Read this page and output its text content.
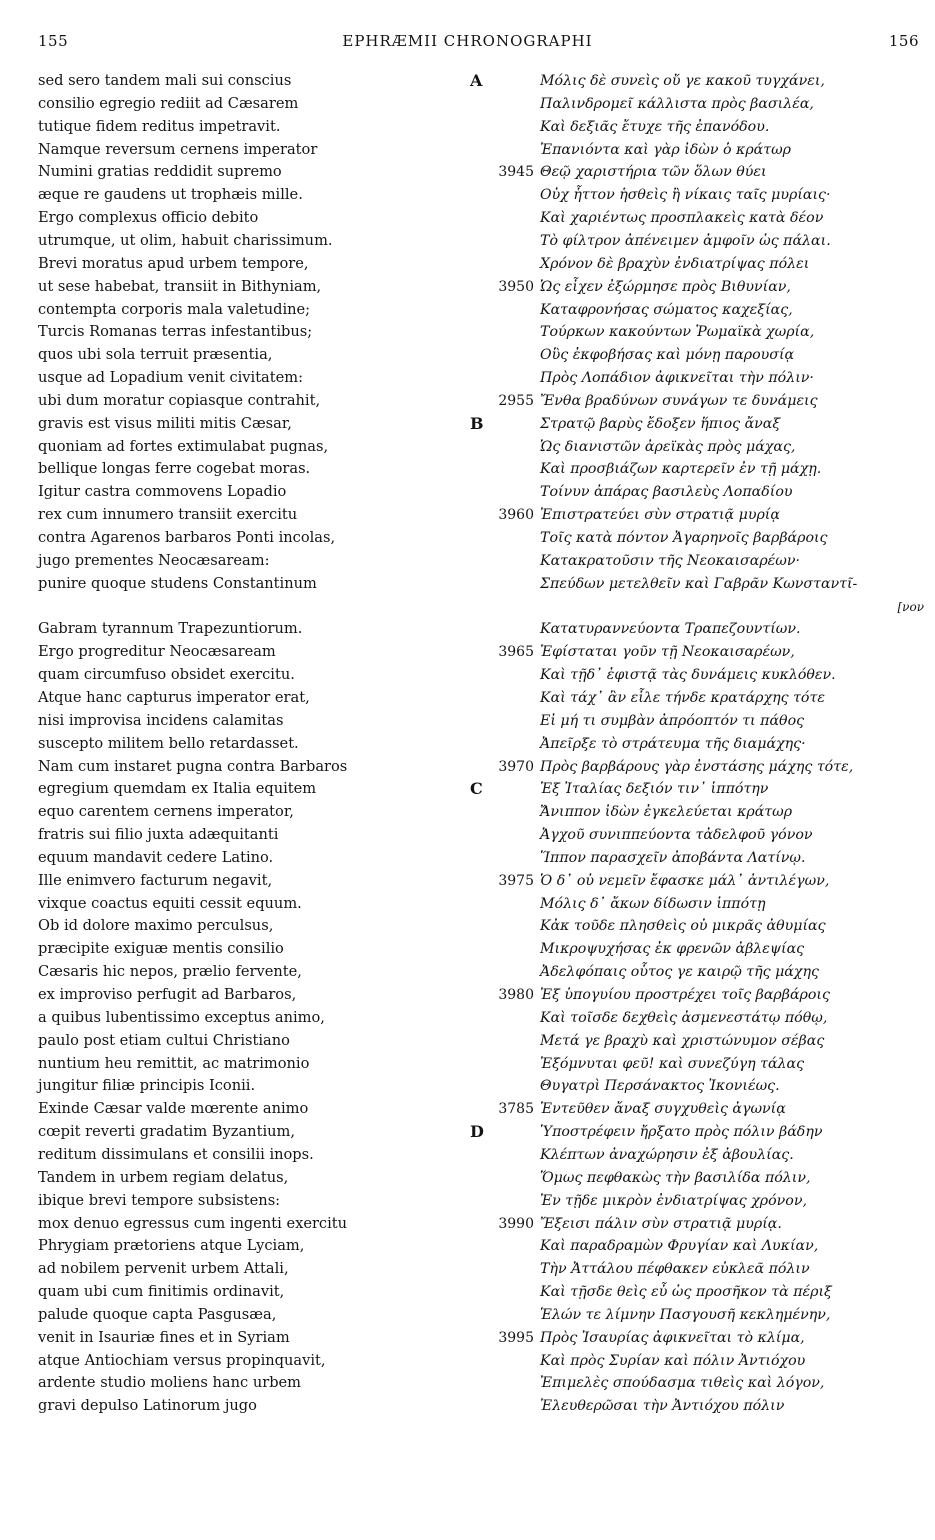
155	EPHRÆMII CHRONOGRAPHI	156
sed sero tandem mali sui conscius
consilio egregio rediit ad Cæsarem
tutique fidem reditus impetravit.
Namque reversum cernens imperator
Numini gratias reddidit supremo
æque re gaudens ut trophæis mille.
Ergo complexus officio debito
utrumque, ut olim, habuit charissimum.
Brevi moratus apud urbem tempore,
ut sese habebat, transiit in Bithyniam,
contempta corporis mala valetudine;
Turcis Romanas terras infestantibus;
quos ubi sola terruit præsentia,
usque ad Lopadium venit civitatem:
ubi dum moratur copiasque contrahit,
gravis est visus militi mitis Cæsar,
quoniam ad fortes extimulabat pugnas,
bellique longas ferre cogebat moras.
Igitur castra commovens Lopadio
rex cum innumero transiit exercitu
contra Agarenos barbaros Ponti incolas,
jugo prementes Neocæsaream:
punire quoque studens Constantinum
Gabram tyrannum Trapezuntiorum.
Ergo progreditur Neocæsaream
quam circumfuso obsidet exercitu.
Atque hanc capturus imperator erat,
nisi improvisa incidens calamitas
suscepto militem bello retardasset.
Nam cum instaret pugna contra Barbaros
egregium quemdam ex Italia equitem
equo carentem cernens imperator,
fratris sui filio juxta adæquitanti
equum mandavit cedere Latino.
Ille enimvero facturum negavit,
vixque coactus equiti cessit equum.
Ob id dolore maximo perculsus,
præcipite exiguæ mentis consilio
Cæsaris hic nepos, prælio fervente,
ex improviso perfugit ad Barbaros,
a quibus lubentissimo exceptus animo,
paulo post etiam cultui Christiano
nuntium heu remittit, ac matrimonio
jungitur filiæ principis Iconii.
Exinde Cæsar valde mœrente animo
cœpit reverti gradatim Byzantium,
reditum dissimulans et consilii inops.
Tandem in urbem regiam delatus,
ibique brevi tempore subsistens:
mox denuo egressus cum ingenti exercitu
Phrygiam prætoriens atque Lyciam,
ad nobilem pervenit urbem Attali,
quam ubi cum finitimis ordinavit,
palude quoque capta Pasgusæa,
venit in Isauriæ fines et in Syriam
atque Antiochiam versus propinquavit,
ardente studio moliens hanc urbem
gravi depulso Latinorum jugo
A	Μόλις δὲ συνεὶς οὔ γε κακοῦ τυγχάνει,
Παλινδρομεῖ κάλλιστα πρὸς βασιλέα,
Καὶ δεξιᾶς ἔτυχε τῆς ἐπανόδου.
Ἐπανιόντα καὶ γὰρ ἰδὼν ὁ κράτωρ
3945 Θεῷ χαριστήρια τῶν ὅλων θύει
Οὐχ ἧττον ἡσθεὶς ἢ νίκαις ταῖς μυρίαις·
Καὶ χαριέντως προσπλακεὶς κατὰ δέον
Τὸ φίλτρον ἀπένειμεν ἀμφοῖν ὡς πάλαι.
Χρόνον δὲ βραχὺν ἐνδιατρίψας πόλει
3950 Ὡς εἶχεν ἐξώρμησε πρὸς Βιθυνίαν,
Καταφρονήσας σώματος καχεξίας,
Τούρκων κακούντων Ῥωμαϊκὰ χωρία,
Οὓς ἐκφοβήσας καὶ μόνῃ παρουσίᾳ
Πρὸς Λοπάδιον ἀφικνεῖται τὴν πόλιν·
2955 Ἔνθα βραδύνων συνάγων τε δυνάμεις
B	Στρατῷ βαρὺς ἔδοξεν ἥπιος ἄναξ
Ὡς διανιστῶν ἀρεϊκὰς πρὸς μάχας,
Καὶ προσβιάζων καρτερεῖν ἐν τῇ μάχῃ.
Τοίνυν ἀπάρας βασιλεὺς Λοπαδίου
3960 Ἐπιστρατεύει σὺν στρατιᾷ μυρίᾳ
Τοῖς κατὰ πόντον Ἀγαρηνοῖς βαρβάροις
Κατακρατοῦσιν τῆς Νεοκαισαρέων·
Σπεύδων μετελθεῖν καὶ Γαβρᾶν Κωνσταντῖ-
[νον
Κατατυραννεύοντα Τραπεζουντίων.
3965 Ἐφίσταται γοῦν τῇ Νεοκαισαρέων,
Καὶ τῇδ᾽ ἐφιστᾷ τὰς δυνάμεις κυκλόθεν.
Καὶ τάχ᾽ ἂν εἷλε τήνδε κρατάρχης τότε
Εἰ μή τι συμβὰν ἀπρόοπτόν τι πάθος
Ἀπεῖρξε τὸ στράτευμα τῆς διαμάχης·
3970 Πρὸς βαρβάρους γὰρ ἐνστάσης μάχης τότε,
C	Ἐξ Ἰταλίας δεξιόν τιν᾽ ἱππότην
Ἄνιππον ἰδὼν ἐγκελεύεται κράτωρ
Ἀγχοῦ συνιππεύοντα τἀδελφοῦ γόνον
Ἵππον παρασχεῖν ἀποβάντα Λατίνῳ.
3975 Ὁ δ᾽ οὐ νεμεῖν ἔφασκε μάλ᾽ ἀντιλέγων,
Μόλις δ᾽ ἄκων δίδωσιν ἱππότῃ
Κἀκ τοῦδε πλησθεὶς οὐ μικρᾶς ἀθυμίας
Μικροψυχήσας ἐκ φρενῶν ἀβλεψίας
Ἀδελφόπαις οὗτος γε καιρῷ τῆς μάχης
3980 Ἐξ ὑπογυίου προστρέχει τοῖς βαρβάροις
Καὶ τοῖσδε δεχθεὶς ἀσμενεστάτῳ πόθῳ,
Μετά γε βραχὺ καὶ χριστώνυμον σέβας
Ἐξόμνυται φεῦ! καὶ συνεζύγη τάλας
Θυγατρὶ Περσάνακτος Ἰκονιέως.
3785 Ἐντεῦθεν ἄναξ συγχυθεὶς ἀγωνίᾳ
D	Ὑποστρέφειν ἤρξατο πρὸς πόλιν βάδην
Κλέπτων ἀναχώρησιν ἐξ ἀβουλίας.
Ὅμως πεφθακὼς τὴν βασιλίδα πόλιν,
Ἐν τῇδε μικρὸν ἐνδιατρίψας χρόνον,
3990 Ἔξεισι πάλιν σὺν στρατιᾷ μυρίᾳ.
Καὶ παραδραμὼν Φρυγίαν καὶ Λυκίαν,
Τὴν Ἀττάλου πέφθακεν εὐκλεᾶ πόλιν
Καὶ τῇσδε θεὶς εὖ ὡς προσῆκον τὰ πέριξ
Ἑλών τε λίμνην Πασγουσῆ κεκλημένην,
3995 Πρὸς Ἰσαυρίας ἀφικνεῖται τὸ κλίμα,
Καὶ πρὸς Συρίαν καὶ πόλιν Ἀντιόχου
Ἐπιμελὲς σπούδασμα τιθεὶς καὶ λόγον,
Ἐλευθερῶσαι τὴν Ἀντιόχου πόλιν
